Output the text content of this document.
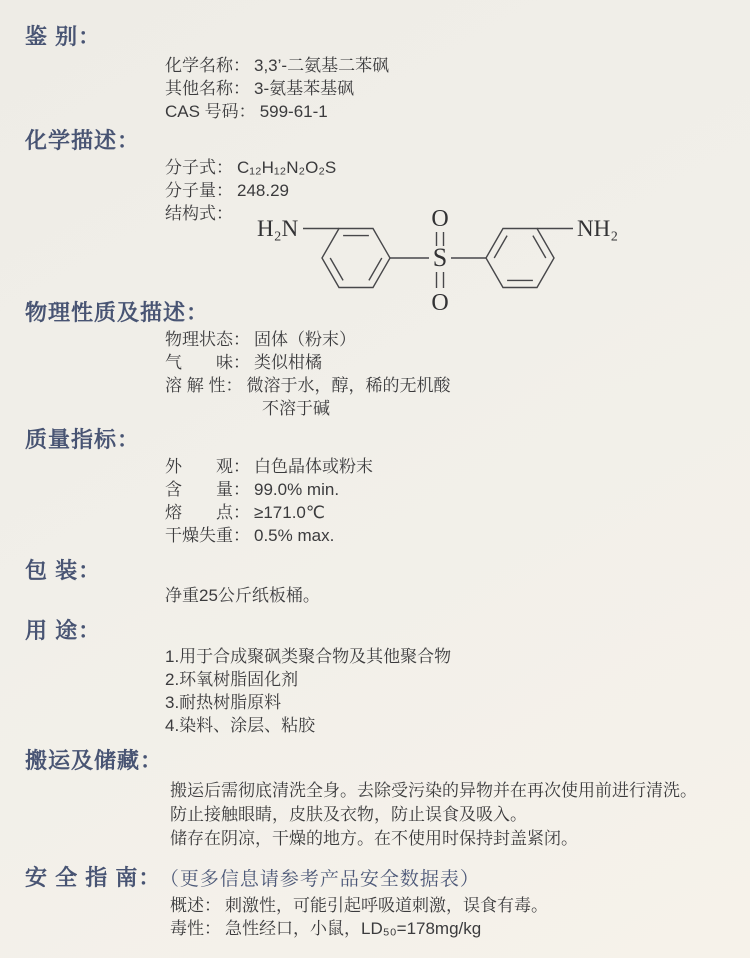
鉴 别：
化学名称： 3,3’-二氨基二苯砜
其他名称： 3-氨基苯基砜
CAS 号码： 599-61-1
化学描述：
分子式： C₁₂H₁₂N₂O₂S
分子量： 248.29
结构式：
H₂N
S
O
O
NH₂
物理性质及描述：
物理状态： 固体（粉末）
气　　味： 类似柑橘
溶 解 性： 微溶于水，醇，稀的无机酸
不溶于碱
质量指标：
外　　观： 白色晶体或粉末
含　　量： 99.0% min.
熔　　点： ≥171.0℃
干燥失重： 0.5% max.
包 装：
净重25公斤纸板桶。
用 途：
1.用于合成聚砜类聚合物及其他聚合物
2.环氧树脂固化剂
3.耐热树脂原料
4.染料、涂层、粘胶
搬运及储藏：
搬运后需彻底清洗全身。去除受污染的异物并在再次使用前进行清洗。
防止接触眼睛，皮肤及衣物，防止误食及吸入。
储存在阴凉，干燥的地方。在不使用时保持封盖紧闭。
安 全 指 南： （更多信息请参考产品安全数据表）
概述： 刺激性，可能引起呼吸道刺激，误食有毒。
毒性： 急性经口，小鼠，LD₅₀=178mg/kg
